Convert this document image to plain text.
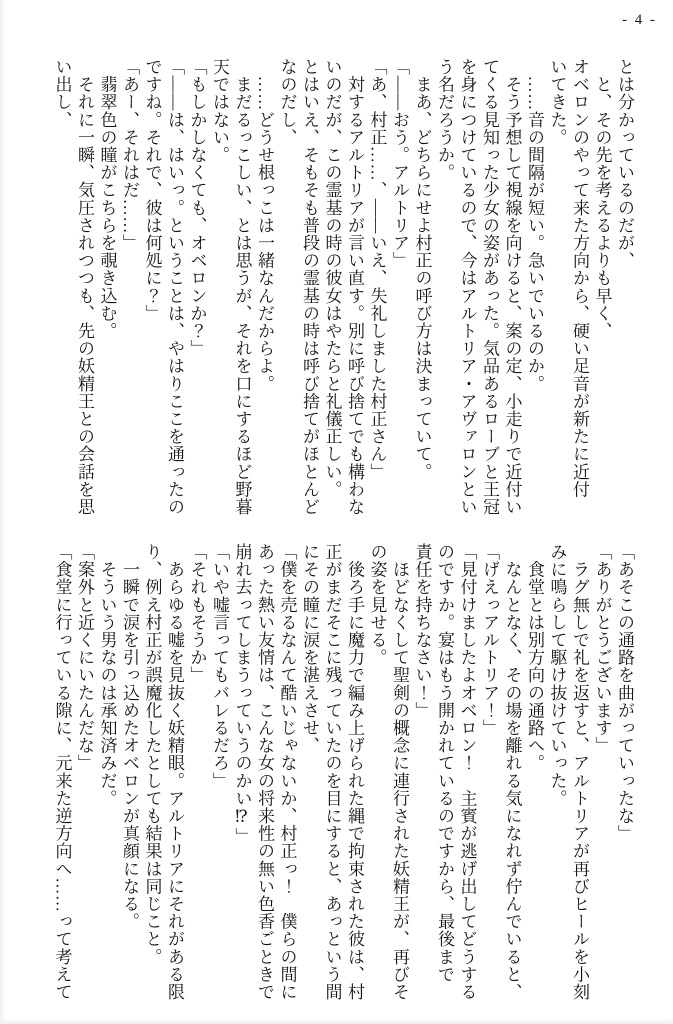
- 4 -

とは分かっているのだが、

　と、その先を考えるよりも早く、

オベロンのやって来た方向から、硬い足音が新たに近付

いてきた。

　……音の間隔が短い。急いでいるのか。

　そう予想して視線を向けると、案の定、小走りで近付い

てくる見知った少女の姿があった。気品あるローブと王冠

を身につけているので、今はアルトリア・アヴァロンとい

う名だろうか。

　まあ、どちらにせよ村正の呼び方は決まっていて。

「――おう。アルトリア」

「あ、村正……、――いえ、失礼しました村正さん」

　対するアルトリアが言い直す。別に呼び捨てでも構わな

いのだが、この霊基の時の彼女はやたらと礼儀正しい。

とはいえ、そもそも普段の霊基の時は呼び捨てがほとんど

なのだし、

　……どうせ根っこは一緒なんだからよ。

　まだるっこしい、とは思うが、それを口にするほど野暮

天ではない。

「もしかしなくても、オベロンか？」

「――は、はいっ。ということは、やはりここを通ったの

ですね。それで、彼は何処に？」

「あー、それはだ……」

　翡翠色の瞳がこちらを覗き込む。

　それに一瞬、気圧されつつも、先の妖精王との会話を思

い出し、

「あそこの通路を曲がっていったな」

「ありがとうございます」

　ラグ無しで礼を返すと、アルトリアが再びヒールを小刻

みに鳴らして駆け抜けていった。

　食堂とは別方向の通路へ。

　なんとなく、その場を離れる気になれず佇んでいると、

「げえっアルトリア！」

「見付けましたよオベロン！　主賓が逃げ出してどうする

のですか。宴はもう開かれているのですから、最後まで

責任を持ちなさい！」

　ほどなくして聖剣の概念に連行された妖精王が、再びそ

の姿を見せる。

　後ろ手に魔力で編み上げられた縄で拘束された彼は、村

正がまだそこに残っていたのを目にすると、あっという間

にその瞳に涙を湛えさせ、

「僕を売るなんて酷いじゃないか、村正っ！　僕らの間に

あった熱い友情は、こんな女の将来性の無い色香ごときで

崩れ去ってしまうっていうのかい⁉」

「いや嘘言ってもバレるだろ」

「それもそうか」

　あらゆる嘘を見抜く妖精眼。アルトリアにそれがある限

り、例え村正が誤魔化したとしても結果は同じこと。

　一瞬で涙を引っ込めたオベロンが真顔になる。

　そういう男なのは承知済みだ。

「案外と近くにいたんだな」

「食堂に行っている隙に、元来た逆方向へ……って考えて
